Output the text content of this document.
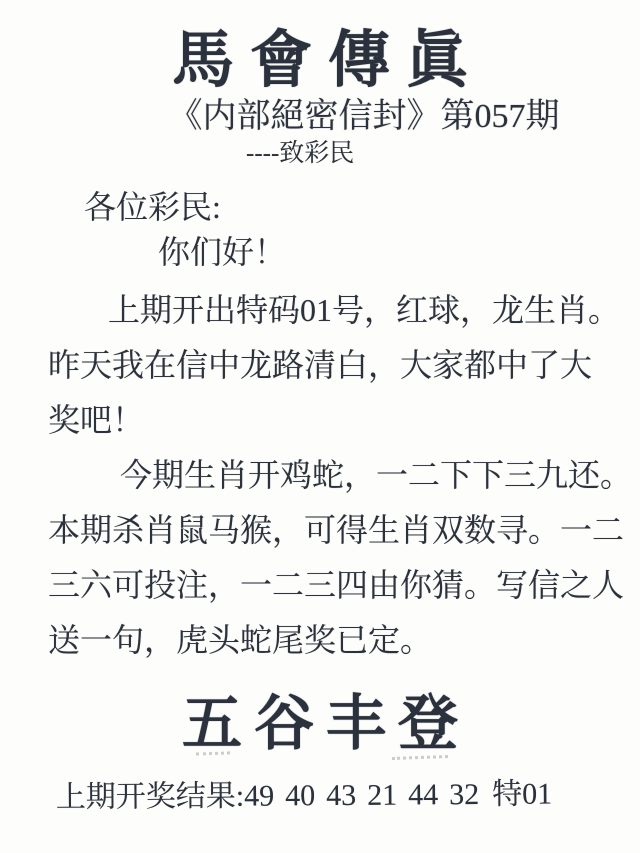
馬會傳眞
《内部絕密信封》第057期
----致彩民
各位彩民:
你们好！
上期开出特码01号，红球，龙生肖。
昨天我在信中龙路清白，大家都中了大
奖吧！
今期生肖开鸡蛇，一二下下三九还。
本期杀肖鼠马猴，可得生肖双数寻。一二
三六可投注，一二三四由你猜。写信之人
送一句，虎头蛇尾奖已定。
五谷丰登
上期开奖结果:49 40 43 21 44 32 特01
